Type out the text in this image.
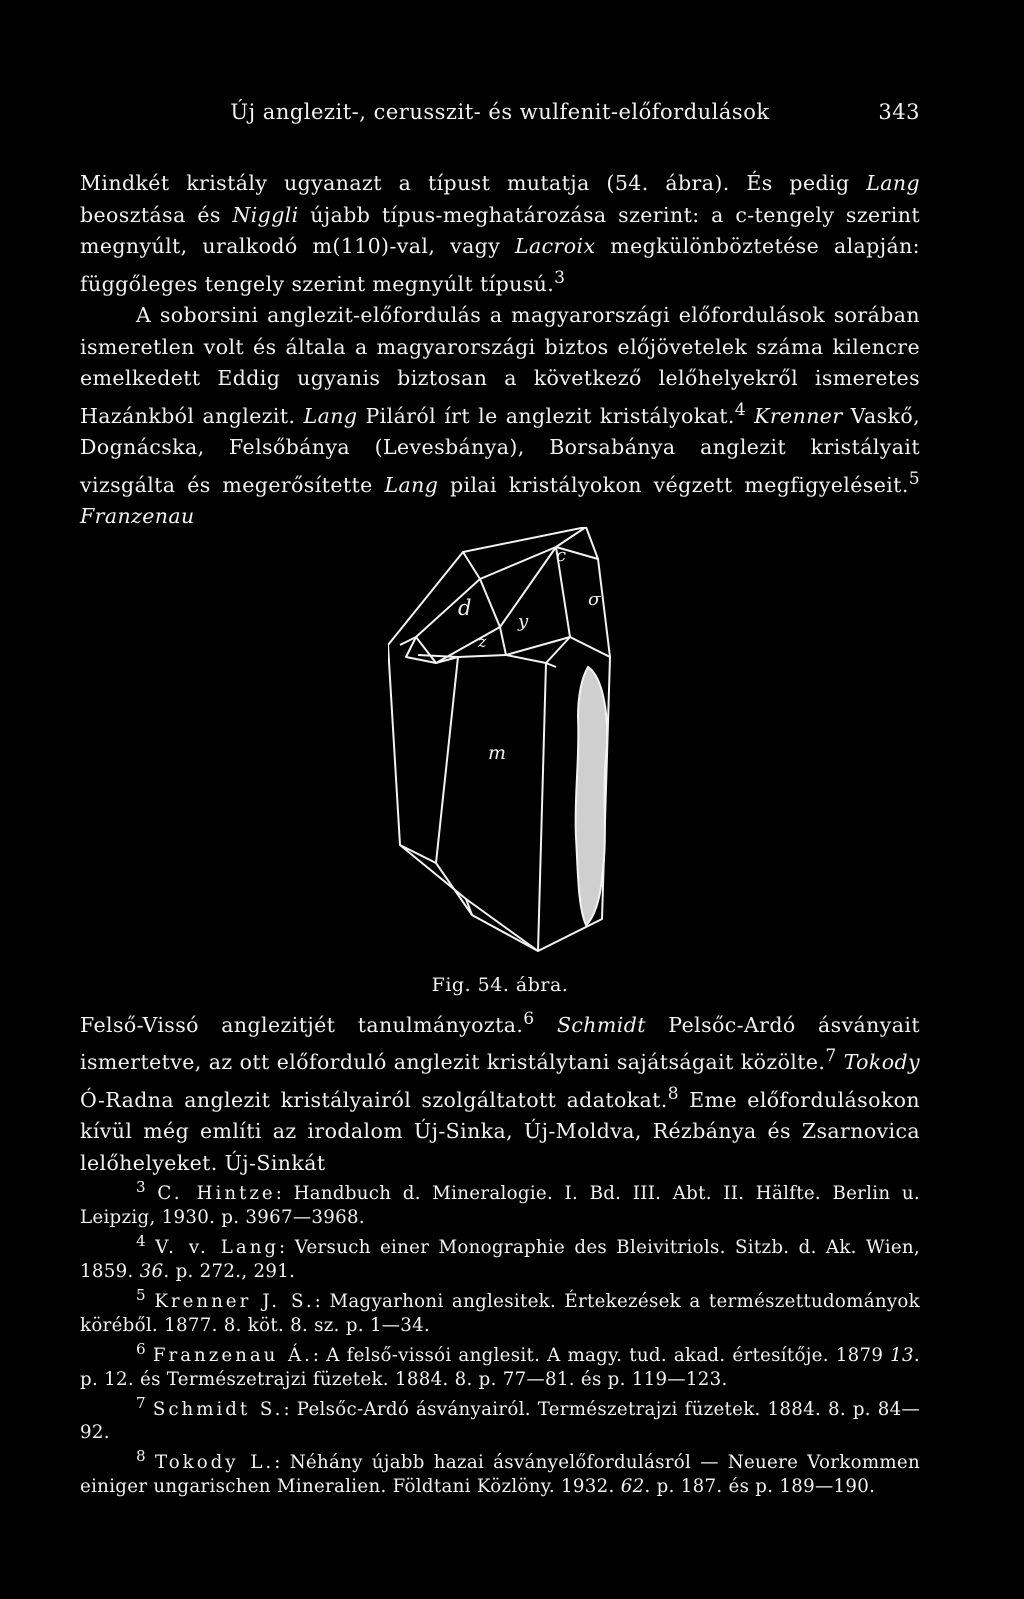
Új anglezit-, cerusszit- és wulfenit-előfordulások	343

Mindkét kristály ugyanazt a típust mutatja (54. ábra). És pedig Lang beosztása és Niggli újabb típus-meghatározása szerint: a c-tengely szerint megnyúlt, uralkodó m(110)-val, vagy Lacroix megkülönböztetése alapján: függőleges tengely szerint megnyúlt típusú.$^3$

A soborsini anglezit-előfordulás a magyarországi előfordulások sorában ismeretlen volt és általa a magyarországi biztos előjövetelek száma kilencre emelkedett Eddig ugyanis biztosan a következő lelőhelyekről ismeretes Hazánkból anglezit. Lang Piláról írt le anglezit kristályokat.$^4$ Krenner Vaskő, Dognácska, Felsőbánya (Levesbánya), Borsabánya anglezit kristályait vizsgálta és megerősítette Lang pilai kristályokon végzett megfigyeléseit.$^5$ Franzenau

c
d	σ
z
y
m
Fig. 54. ábra.

Felső-Vissó anglezitjét tanulmányozta.$^6$ Schmidt Pelsőc-Ardó ásványait ismertetve, az ott előforduló anglezit kristálytani sajátságait közölte.$^7$ Tokody Ó-Radna anglezit kristályairól szolgáltatott adatokat.$^8$ Eme előfordulásokon kívül még említi az irodalom Új-Sinka, Új-Moldva, Rézbánya és Zsarnovica lelőhelyeket. Új-Sinkát

$^3$ C. Hintze: Handbuch d. Mineralogie. I. Bd. III. Abt. II. Hälfte. Berlin u. Leipzig, 1930. p. 3967—3968.

$^4$ V. v. Lang: Versuch einer Monographie des Bleivitriols. Sitzb. d. Ak. Wien, 1859. 36. p. 272., 291.

$^5$ Krenner J. S.: Magyarhoni anglesitek. Értekezések a természettudományok köréből. 1877. 8. köt. 8. sz. p. 1—34.

$^6$ Franzenau Á.: A felső-vissói anglesit. A magy. tud. akad. értesítője. 1879 13. p. 12. és Természetrajzi füzetek. 1884. 8. p. 77—81. és p. 119—123.

$^7$ Schmidt S.: Pelsőc-Ardó ásványairól. Természetrajzi füzetek. 1884. 8. p. 84—92.

$^8$ Tokody L.: Néhány újabb hazai ásványelőfordulásról — Neuere Vorkommen einiger ungarischen Mineralien. Földtani Közlöny. 1932. 62. p. 187. és p. 189—190.
